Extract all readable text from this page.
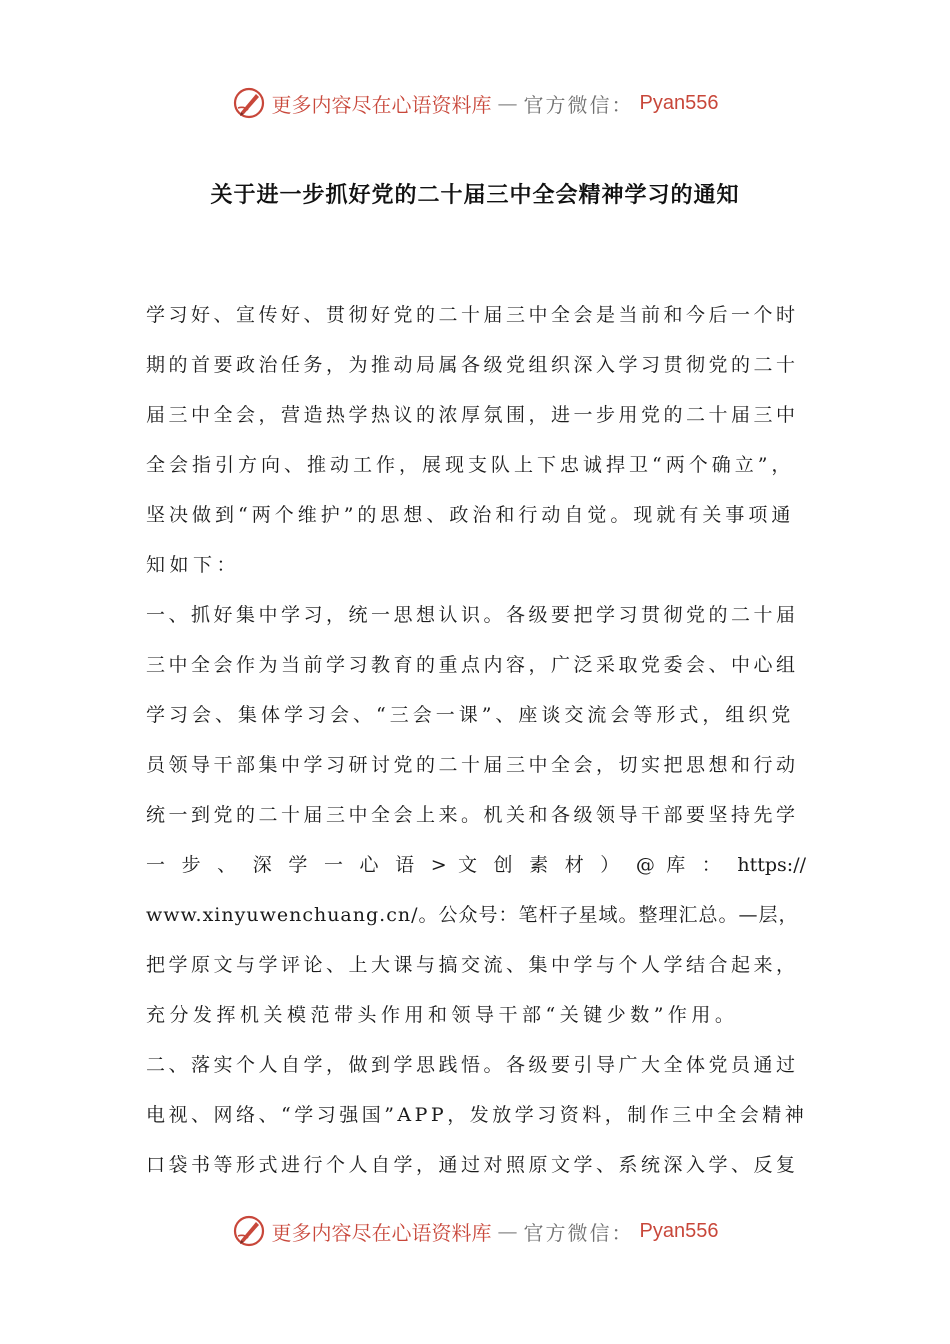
更多内容尽在心语资料库 — 官方微信： Pyan556
关于进一步抓好党的二十届三中全会精神学习的通知
学习好、宣传好、贯彻好党的二十届三中全会是当前和今后一个时
期的首要政治任务，为推动局属各级党组织深入学习贯彻党的二十
届三中全会，营造热学热议的浓厚氛围，进一步用党的二十届三中
全会指引方向、推动工作，展现支队上下忠诚捍卫“两个确立”，
坚决做到“两个维护”的思想、政治和行动自觉。现就有关事项通
知如下：
一、抓好集中学习，统一思想认识。各级要把学习贯彻党的二十届
三中全会作为当前学习教育的重点内容，广泛采取党委会、中心组
学习会、集体学习会、“三会一课”、座谈交流会等形式，组织党
员领导干部集中学习研讨党的二十届三中全会，切实把思想和行动
统一到党的二十届三中全会上来。机关和各级领导干部要坚持先学
一 步 、 深 学 一 心 语 > 文 创 素 材 ） @ 库 ： https://
www.xinyuwenchuang.cn/。公众号：笔杆子星域。整理汇总。—层，
把学原文与学评论、上大课与搞交流、集中学与个人学结合起来，
充分发挥机关模范带头作用和领导干部“关键少数”作用。
二、落实个人自学，做到学思践悟。各级要引导广大全体党员通过
电视、网络、“学习强国”APP，发放学习资料，制作三中全会精神
口袋书等形式进行个人自学，通过对照原文学、系统深入学、反复
更多内容尽在心语资料库 — 官方微信： Pyan556
